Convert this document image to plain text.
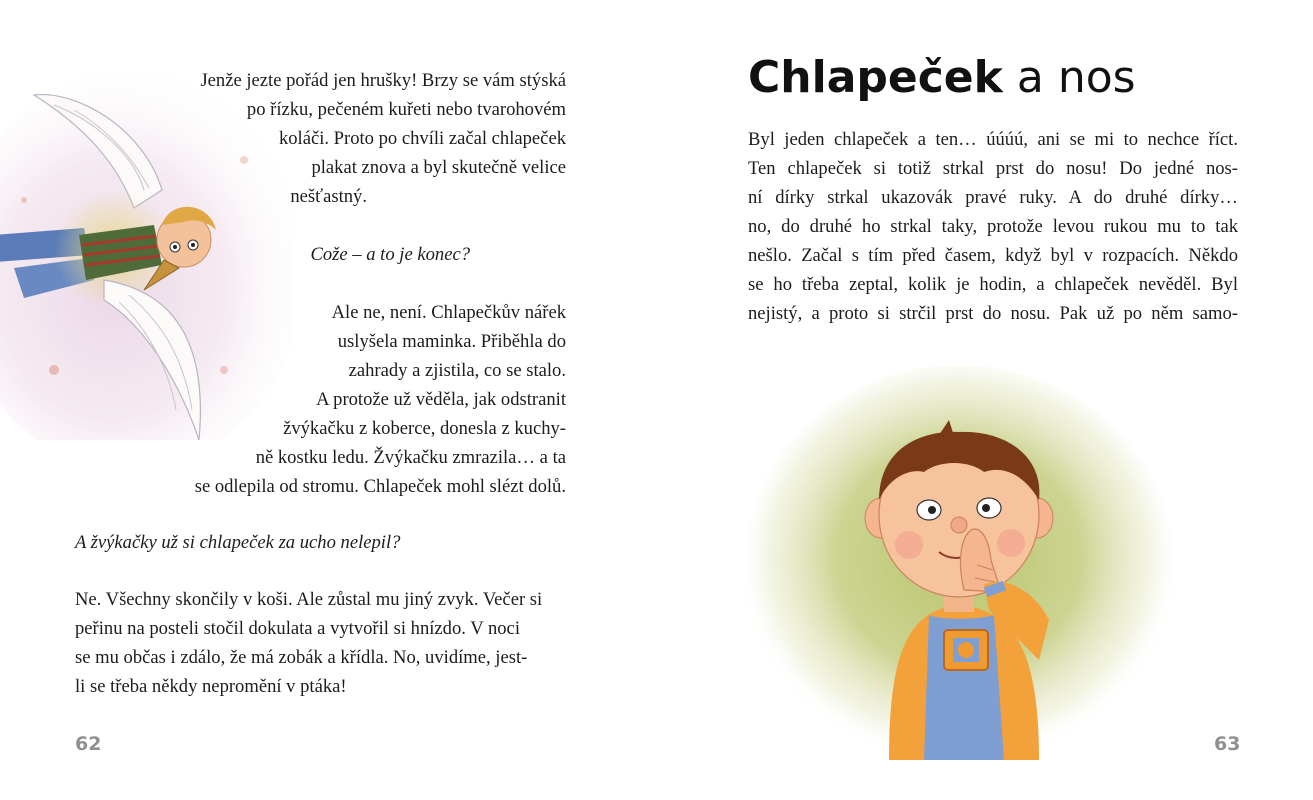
Jenže jezte pořád jen hrušky! Brzy se vám stýská

po řízku, pečeném kuřeti nebo tvarohovém

koláči. Proto po chvíli začal chlapeček

plakat znova a byl skutečně velice

nešťastný.

Cože – a to je konec?

Ale ne, není. Chlapečkův nářek

uslyšela maminka. Přiběhla do

zahrady a zjistila, co se stalo.

A protože už věděla, jak odstranit

žvýkačku z koberce, donesla z kuchy-

ně kostku ledu. Žvýkačku zmrazila… a ta

se odlepila od stromu. Chlapeček mohl slézt dolů.

A žvýkačky už si chlapeček za ucho nelepil?

Ne. Všechny skončily v koši. Ale zůstal mu jiný zvyk. Večer si

peřinu na posteli stočil dokulata a vytvořil si hnízdo. V noci

se mu občas i zdálo, že má zobák a křídla. No, uvidíme, jest-

li se třeba někdy nepromění v ptáka!

62
Chlapeček a nos

Byl jeden chlapeček a ten… úúúú, ani se mi to nechce říct.

Ten chlapeček si totiž strkal prst do nosu! Do jedné nos-

ní dírky strkal ukazovák pravé ruky. A do druhé dírky…

no, do druhé ho strkal taky, protože levou rukou mu to tak

nešlo. Začal s tím před časem, když byl v rozpacích. Někdo

se ho třeba zeptal, kolik je hodin, a chlapeček nevěděl. Byl

nejistý, a proto si strčil prst do nosu. Pak už po něm samo-

63
